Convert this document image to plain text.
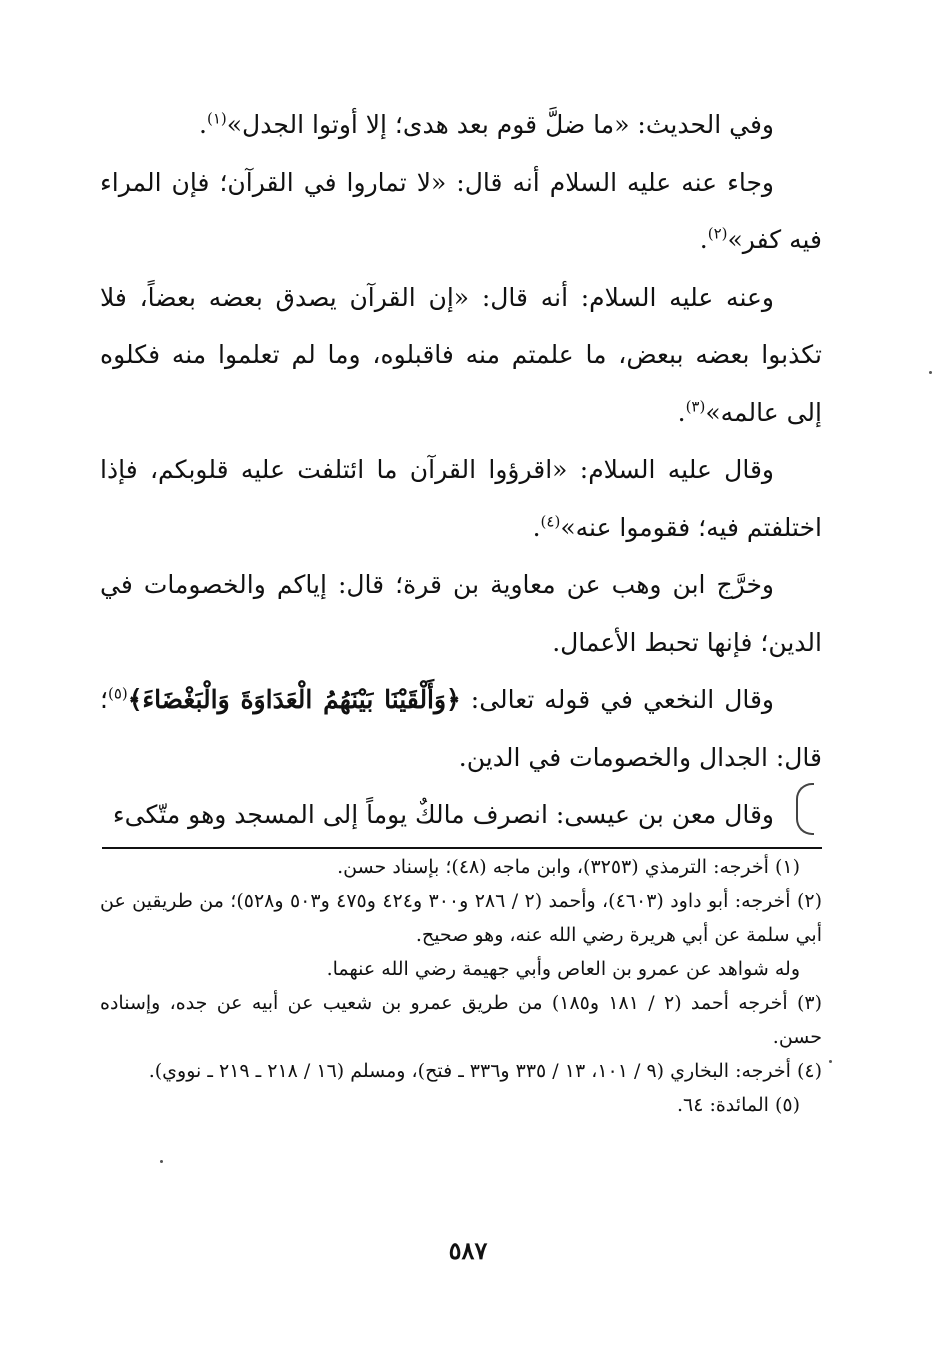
وفي الحديث: «ما ضلَّ قوم بعد هدى؛ إلا أوتوا الجدل»$^{(١)}$.

وجاء عنه عليه السلام أنه قال: «لا تماروا في القرآن؛ فإن المراء فيه كفر»$^{(٢)}$.

وعنه عليه السلام: أنه قال: «إن القرآن يصدق بعضه بعضاً، فلا تكذبوا بعضه ببعض، ما علمتم منه فاقبلوه، وما لم تعلموا منه فكلوه إلى عالمه»$^{(٣)}$.

وقال عليه السلام: «اقرؤوا القرآن ما ائتلفت عليه قلوبكم، فإذا اختلفتم فيه؛ فقوموا عنه»$^{(٤)}$.

وخرَّج ابن وهب عن معاوية بن قرة؛ قال: إياكم والخصومات في الدين؛ فإنها تحبط الأعمال.

وقال النخعي في قوله تعالى: ﴿وَأَلْقَيْنَا بَيْنَهُمُ الْعَدَاوَةَ وَالْبَغْضَاءَ﴾$^{(٥)}$؛ قال: الجدال والخصومات في الدين.

وقال معن بن عيسى: انصرف مالكٌ يوماً إلى المسجد وهو متّكىء

(١) أخرجه: الترمذي (٣٢٥٣)، وابن ماجه (٤٨)؛ بإسناد حسن.

(٢) أخرجه: أبو داود (٤٦٠٣)، وأحمد (٢ / ٢٨٦ و٣٠٠ و٤٢٤ و٤٧٥ و٥٠٣ و٥٢٨)؛ من طريقين عن أبي سلمة عن أبي هريرة رضي الله عنه، وهو صحيح.

وله شواهد عن عمرو بن العاص وأبي جهيمة رضي الله عنهما.

(٣) أخرجه أحمد (٢ / ١٨١ و١٨٥) من طريق عمرو بن شعيب عن أبيه عن جده، وإسناده حسن.

(٤) أخرجه: البخاري (٩ / ١٠١، ١٣ / ٣٣٥ و٣٣٦ ـ فتح)، ومسلم (١٦ / ٢١٨ ـ ٢١٩ ـ نووي).

(٥) المائدة: ٦٤.

٥٨٧
